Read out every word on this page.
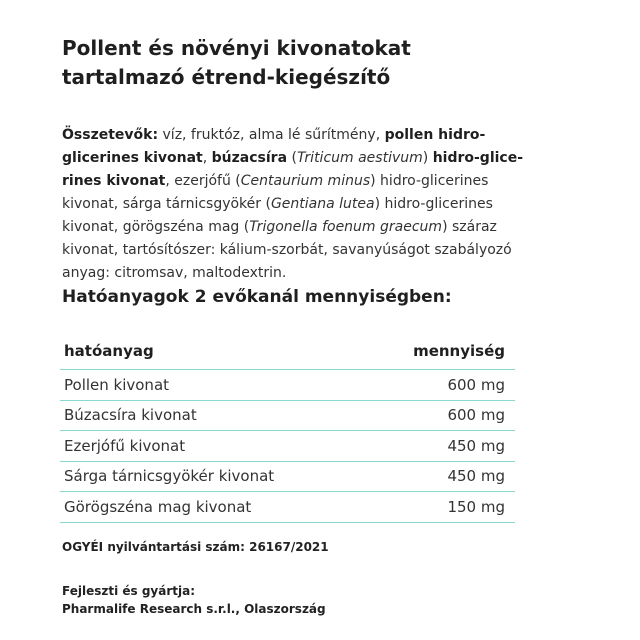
Pollent és növényi kivonatokat
tartalmazó étrend-kiegészítő
Összetevők: víz, fruktóz, alma lé sűrítmény, pollen hidro-
glicerines kivonat, búzacsíra (Triticum aestivum) hidro-glice-
rines kivonat, ezerjófű (Centaurium minus) hidro-glicerines
kivonat, sárga tárnicsgyökér (Gentiana lutea) hidro-glicerines
kivonat, görögszéna mag (Trigonella foenum graecum) száraz
kivonat, tartósítószer: kálium-szorbát, savanyúságot szabályozó
anyag: citromsav, maltodextrin.
Hatóanyagok 2 evőkanál mennyiségben:
hatóanyag	mennyiség
Pollen kivonat	600 mg
Búzacsíra kivonat	600 mg
Ezerjófű kivonat	450 mg
Sárga tárnicsgyökér kivonat	450 mg
Görögszéna mag kivonat	150 mg
OGYÉI nyilvántartási szám: 26167/2021
Fejleszti és gyártja:
Pharmalife Research s.r.l., Olaszország
